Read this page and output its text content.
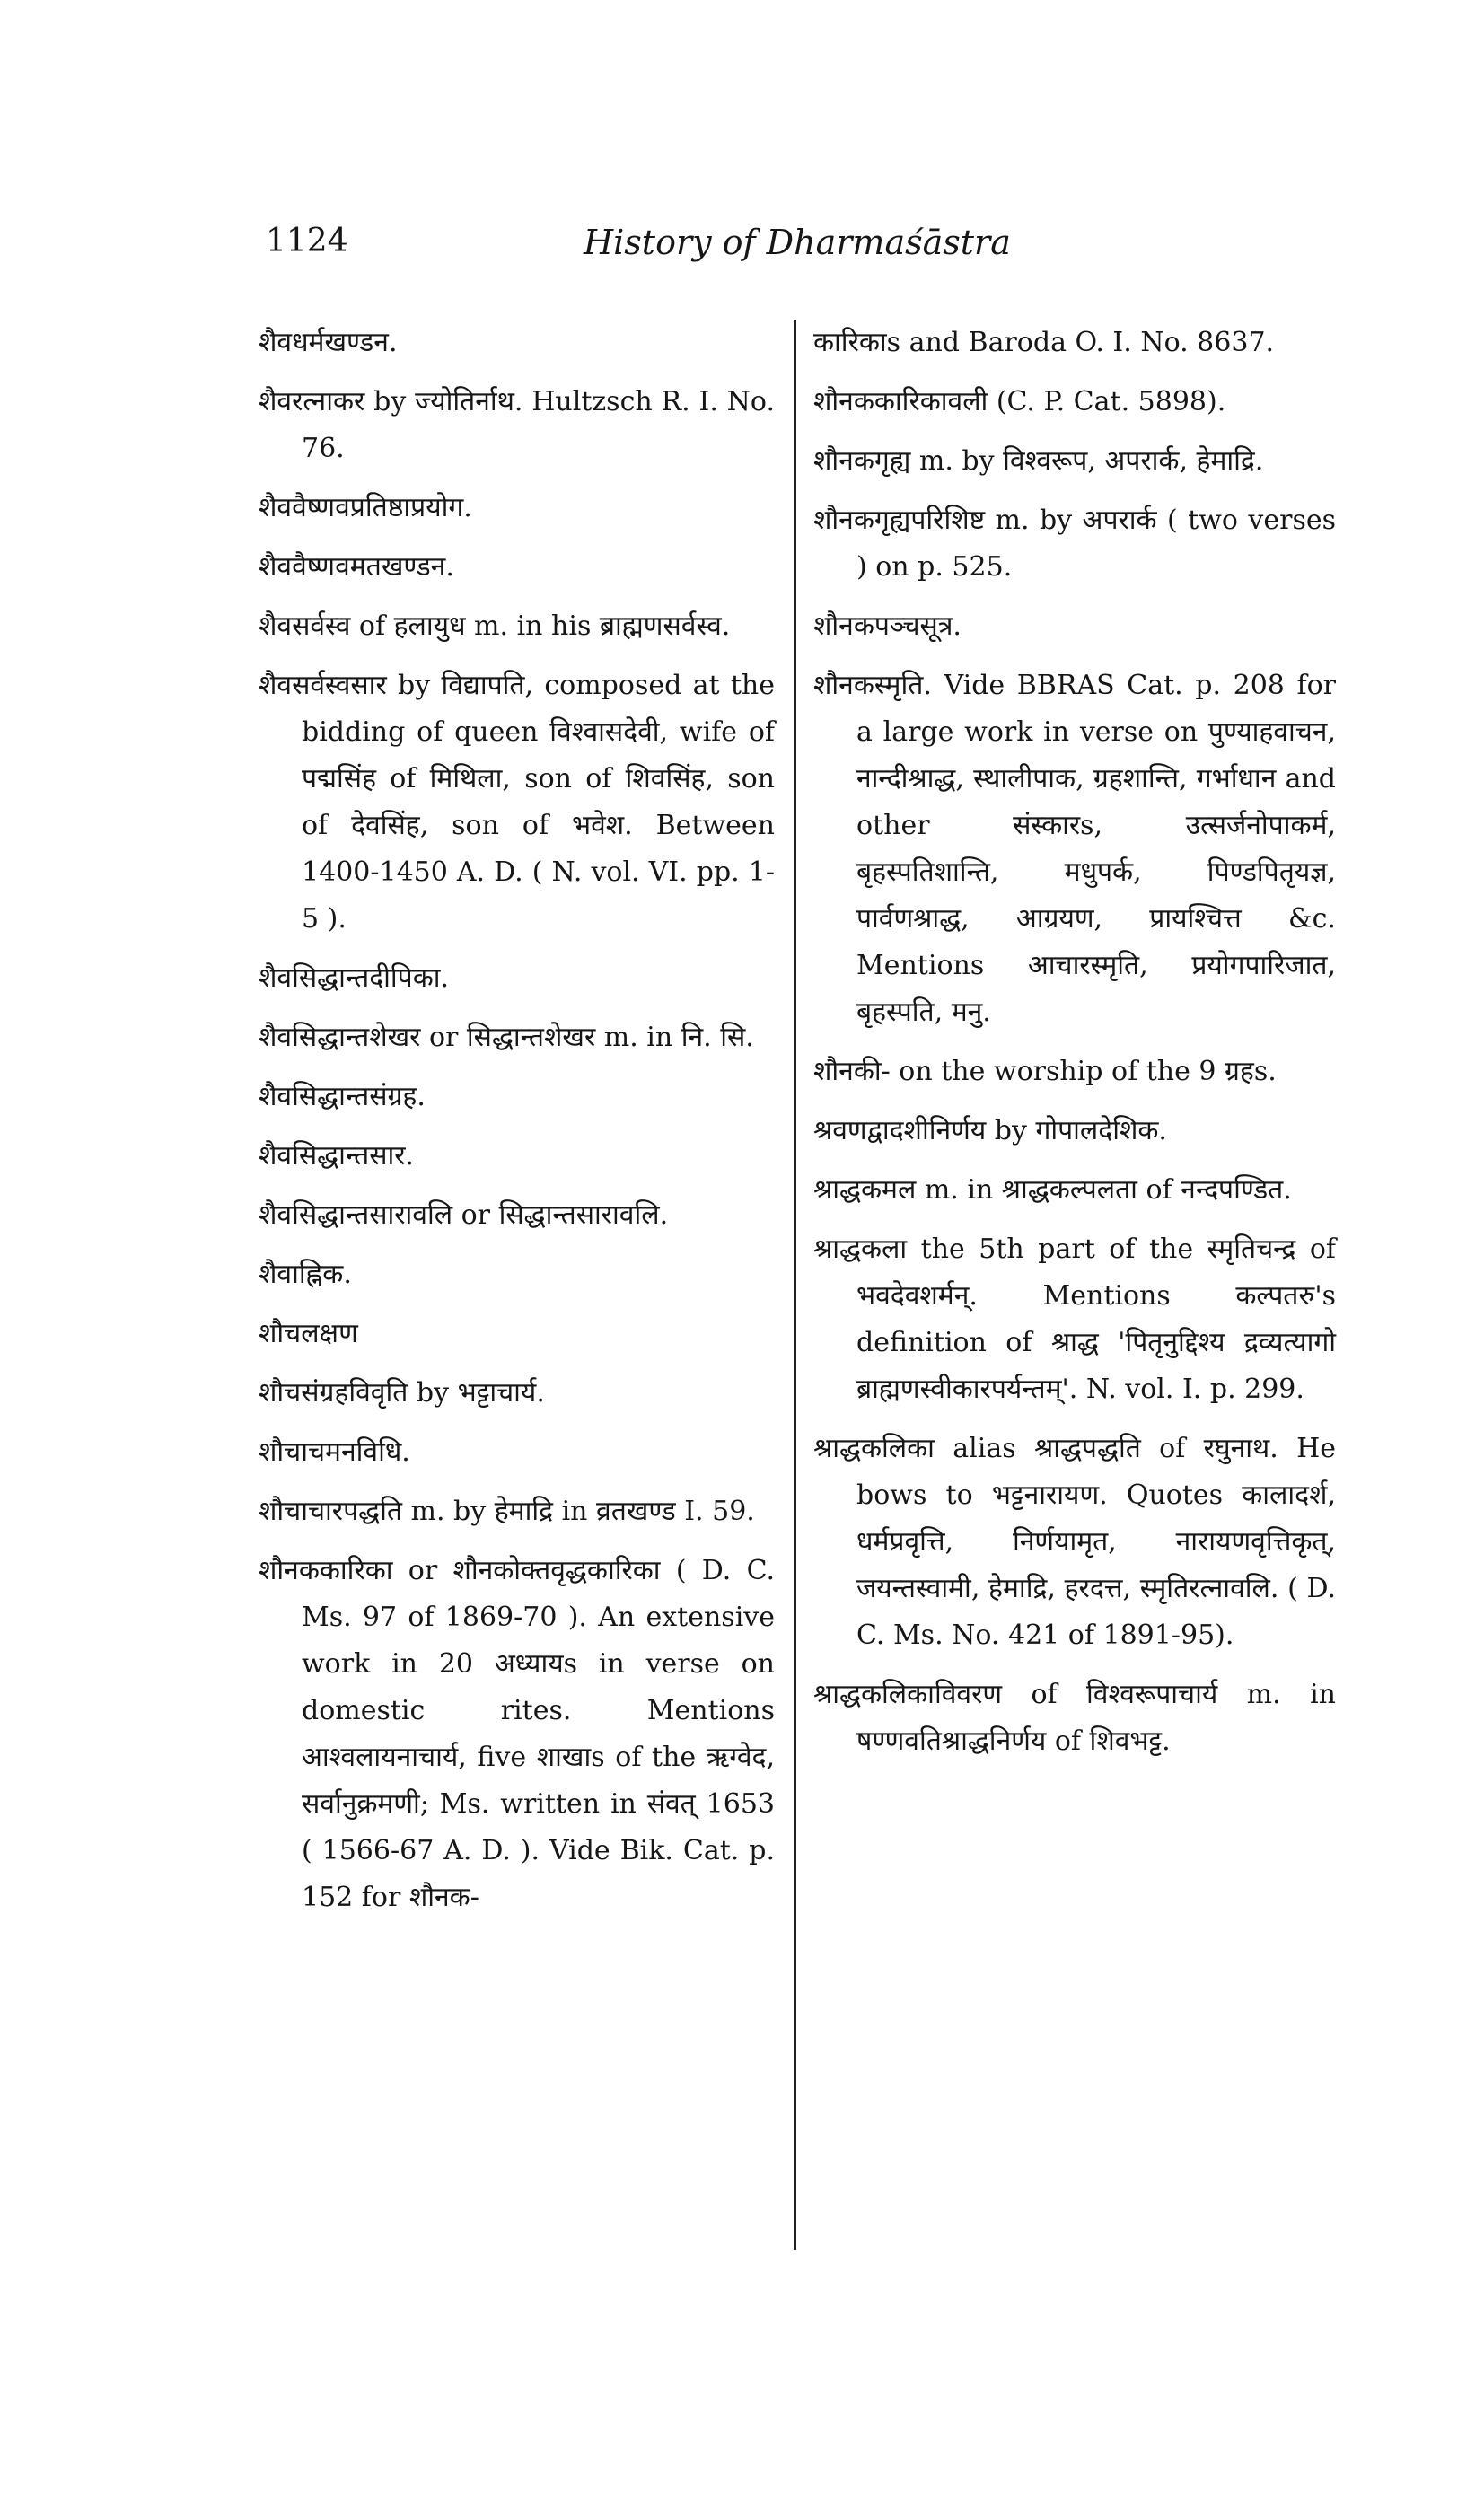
1124	History of Dharmaśāstra

शैवधर्मखण्डन.

शैवरत्नाकर by ज्योतिर्नाथ. Hultzsch R. I. No. 76.

शैववैष्णवप्रतिष्ठाप्रयोग.

शैववैष्णवमतखण्डन.

शैवसर्वस्व of हलायुध m. in his ब्राह्मणसर्वस्व.

शैवसर्वस्वसार by विद्यापति, composed at the bidding of queen विश्वासदेवी, wife of पद्मसिंह of मिथिला, son of शिवसिंह, son of देवसिंह, son of भवेश. Between 1400-1450 A. D. ( N. vol. VI. pp. 1-5 ).

शैवसिद्धान्तदीपिका.

शैवसिद्धान्तशेखर or सिद्धान्तशेखर m. in नि. सि.

शैवसिद्धान्तसंग्रह.

शैवसिद्धान्तसार.

शैवसिद्धान्तसारावलि or सिद्धान्तसारावलि.

शैवाह्निक.

शौचलक्षण

शौचसंग्रहविवृति by भट्टाचार्य.

शौचाचमनविधि.

शौचाचारपद्धति m. by हेमाद्रि in व्रतखण्ड I. 59.

शौनककारिका or शौनकोक्तवृद्धकारिका ( D. C. Ms. 97 of 1869-70 ). An extensive work in 20 अध्यायs in verse on domestic rites. Mentions आश्वलायनाचार्य, five शाखाs of the ऋग्वेद, सर्वानुक्रमणी; Ms. written in संवत् 1653 ( 1566-67 A. D. ). Vide Bik. Cat. p. 152 for शौनक-

कारिकाs and Baroda O. I. No. 8637.

शौनककारिकावली (C. P. Cat. 5898).

शौनकगृह्य m. by विश्वरूप, अपरार्क, हेमाद्रि.

शौनकगृह्यपरिशिष्ट m. by अपरार्क ( two verses ) on p. 525.

शौनकपञ्चसूत्र.

शौनकस्मृति. Vide BBRAS Cat. p. 208 for a large work in verse on पुण्याहवाचन, नान्दीश्राद्ध, स्थालीपाक, ग्रहशान्ति, गर्भाधान and other संस्कारs, उत्सर्जनोपाकर्म, बृहस्पतिशान्ति, मधुपर्क, पिण्डपितृयज्ञ, पार्वणश्राद्ध, आग्रयण, प्रायश्चित्त &c. Mentions आचारस्मृति, प्रयोगपारिजात, बृहस्पति, मनु.

शौनकी- on the worship of the 9 ग्रहs.

श्रवणद्वादशीनिर्णय by गोपालदेशिक.

श्राद्धकमल m. in श्राद्धकल्पलता of नन्दपण्डित.

श्राद्धकला the 5th part of the स्मृतिचन्द्र of भवदेवशर्मन्. Mentions कल्पतरु's definition of श्राद्ध 'पितृनुद्दिश्य द्रव्यत्यागो ब्राह्मणस्वीकारपर्यन्तम्'. N. vol. I. p. 299.

श्राद्धकलिका alias श्राद्धपद्धति of रघुनाथ. He bows to भट्टनारायण. Quotes कालादर्श, धर्मप्रवृत्ति, निर्णयामृत, नारायणवृत्तिकृत्, जयन्तस्वामी, हेमाद्रि, हरदत्त, स्मृतिरत्नावलि. ( D. C. Ms. No. 421 of 1891-95).

श्राद्धकलिकाविवरण of विश्वरूपाचार्य m. in षण्णवतिश्राद्धनिर्णय of शिवभट्ट.
